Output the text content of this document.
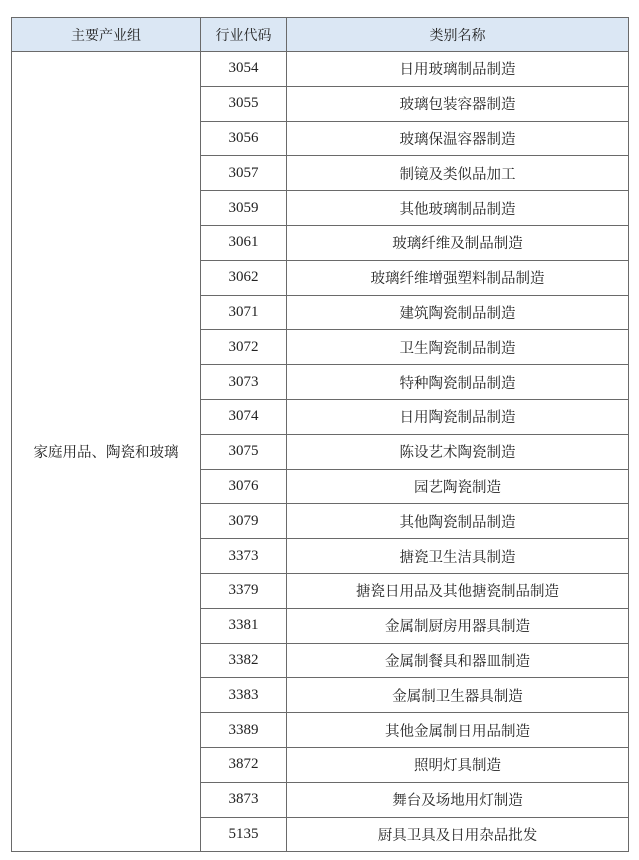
主要产业组	行业代码	类别名称
家庭用品、陶瓷和玻璃	3054	日用玻璃制品制造
	3055	玻璃包装容器制造
	3056	玻璃保温容器制造
	3057	制镜及类似品加工
	3059	其他玻璃制品制造
	3061	玻璃纤维及制品制造
	3062	玻璃纤维增强塑料制品制造
	3071	建筑陶瓷制品制造
	3072	卫生陶瓷制品制造
	3073	特种陶瓷制品制造
	3074	日用陶瓷制品制造
	3075	陈设艺术陶瓷制造
	3076	园艺陶瓷制造
	3079	其他陶瓷制品制造
	3373	搪瓷卫生洁具制造
	3379	搪瓷日用品及其他搪瓷制品制造
	3381	金属制厨房用器具制造
	3382	金属制餐具和器皿制造
	3383	金属制卫生器具制造
	3389	其他金属制日用品制造
	3872	照明灯具制造
	3873	舞台及场地用灯制造
	5135	厨具卫具及日用杂品批发
